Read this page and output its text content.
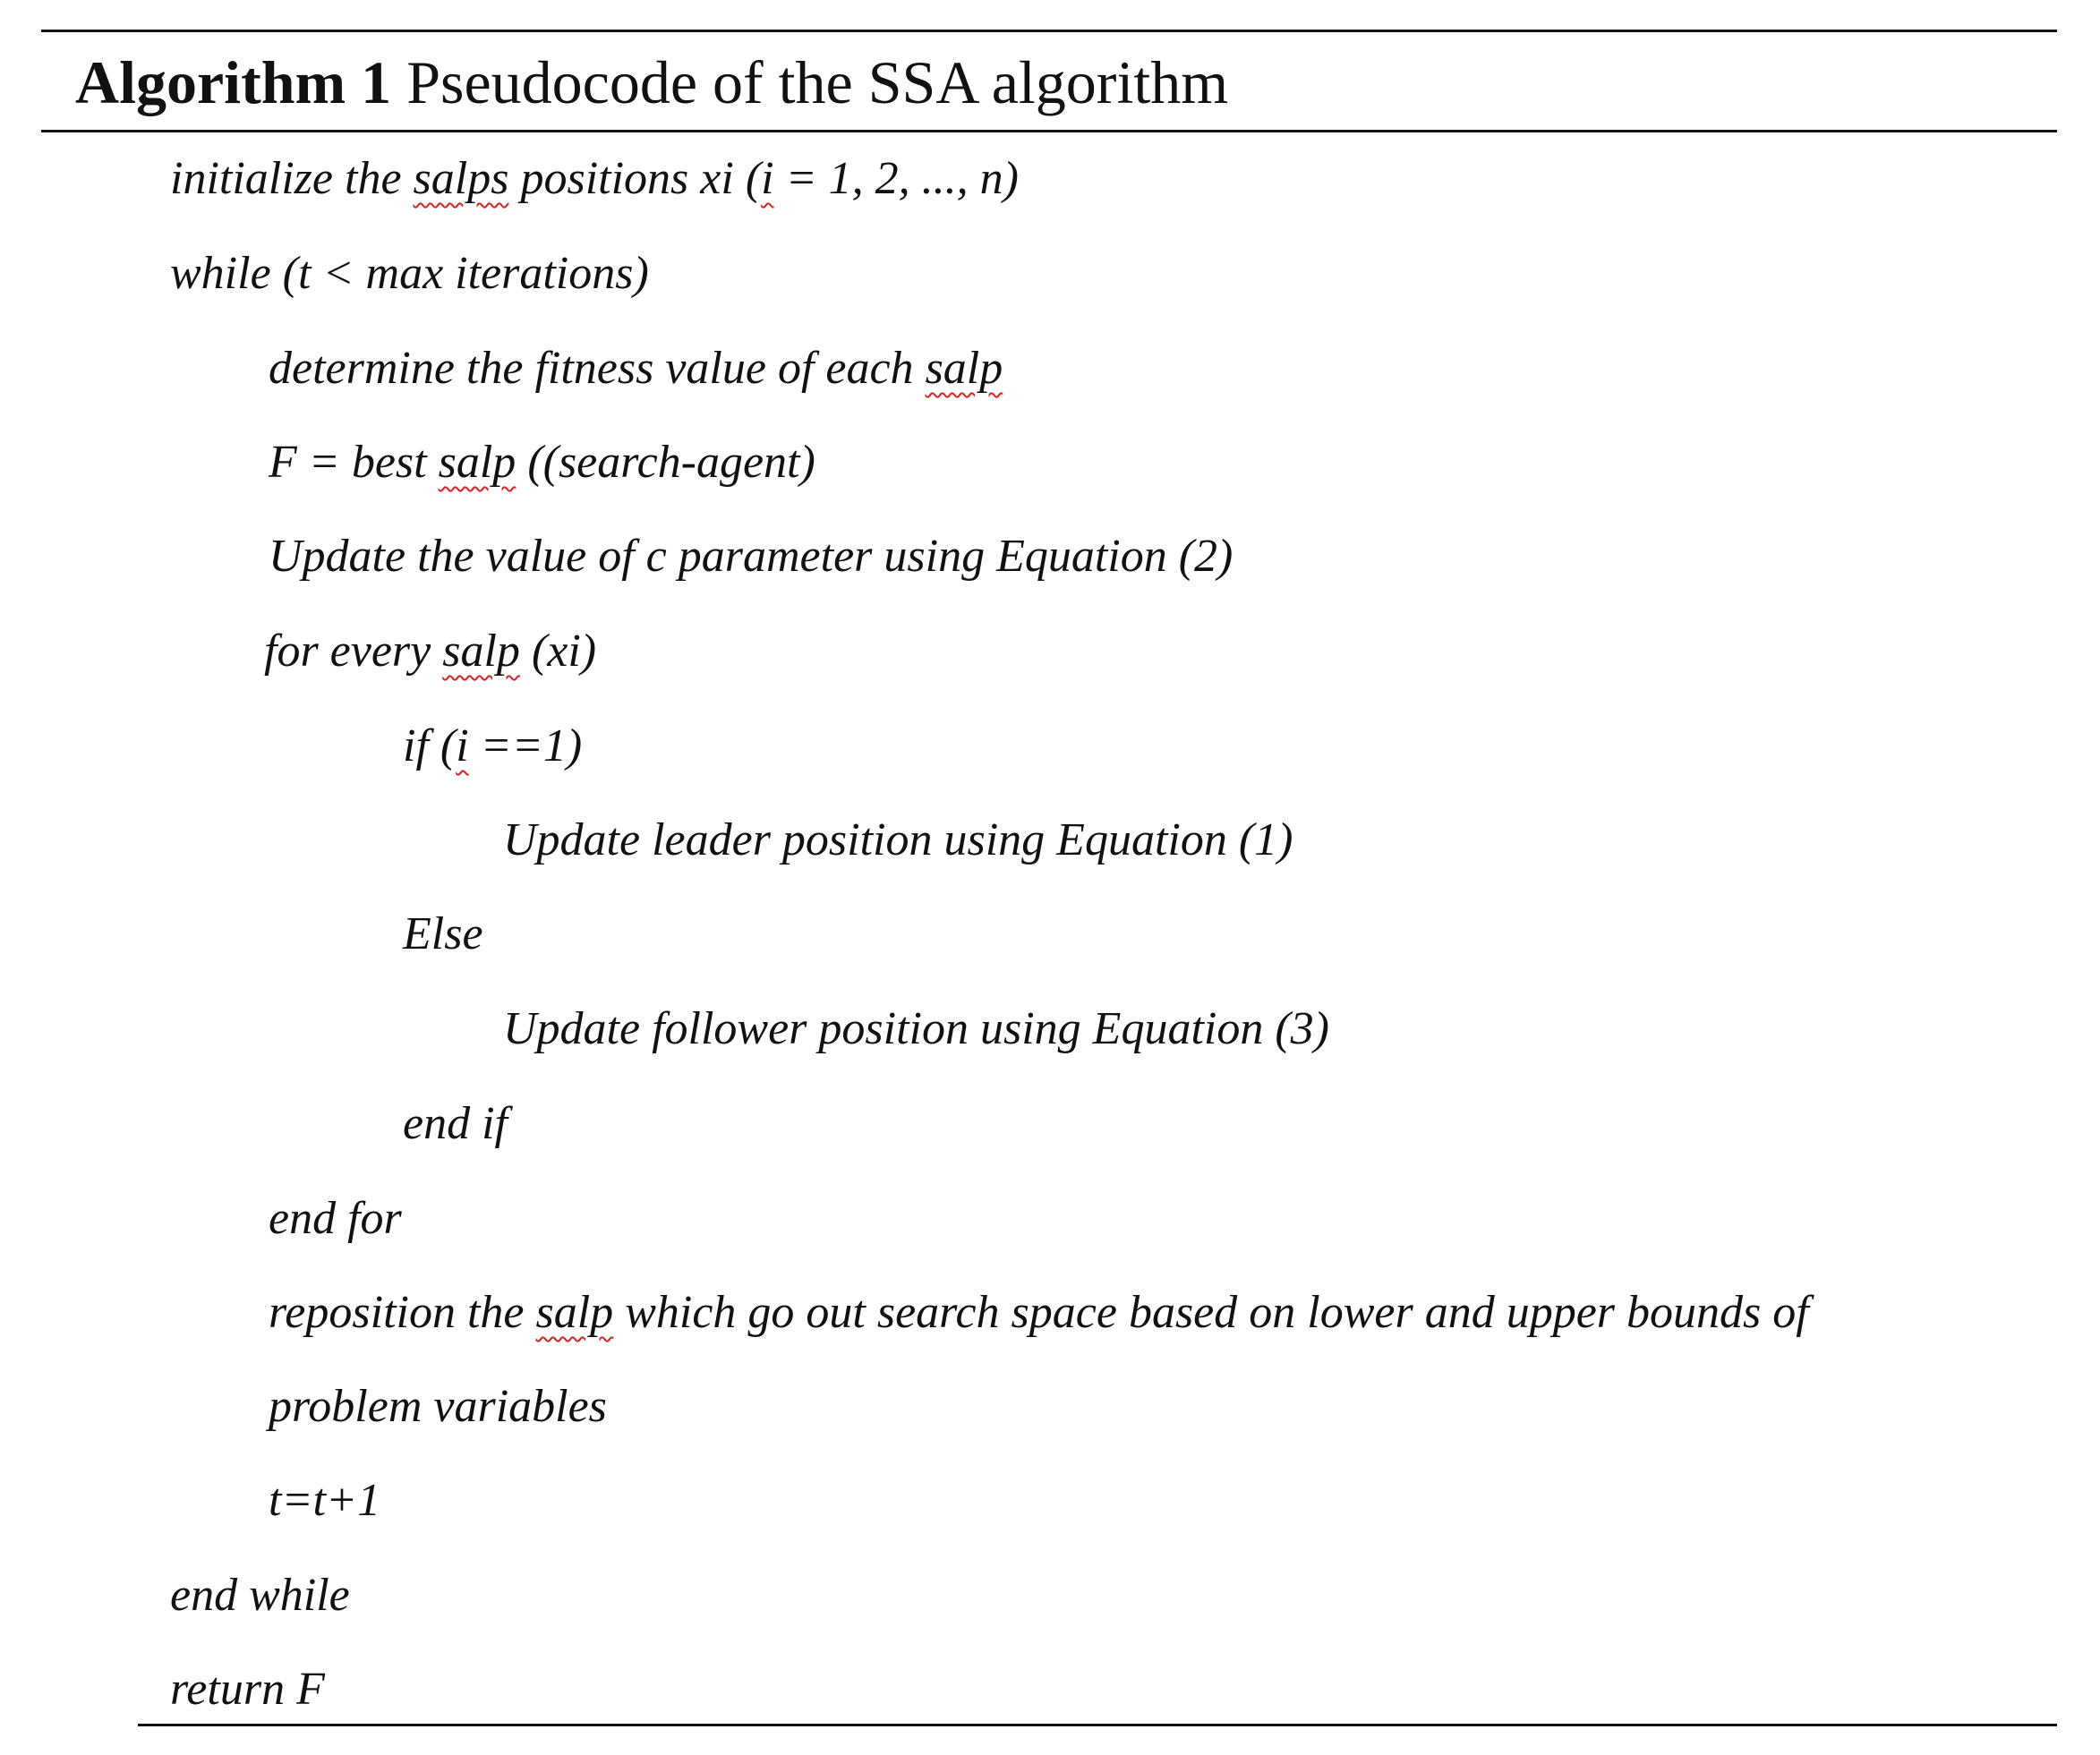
Algorithm 1 Pseudocode of the SSA algorithm
initialize the salps positions xi (i = 1, 2, ..., n)
while (t < max iterations)
determine the fitness value of each salp
F = best salp ((search-agent)
Update the value of c parameter using Equation (2)
for every salp (xi)
if (i ==1)
Update leader position using Equation (1)
Else
Update follower position using Equation (3)
end if
end for
reposition the salp which go out search space based on lower and upper bounds of
problem variables
t=t+1
end while
return F
